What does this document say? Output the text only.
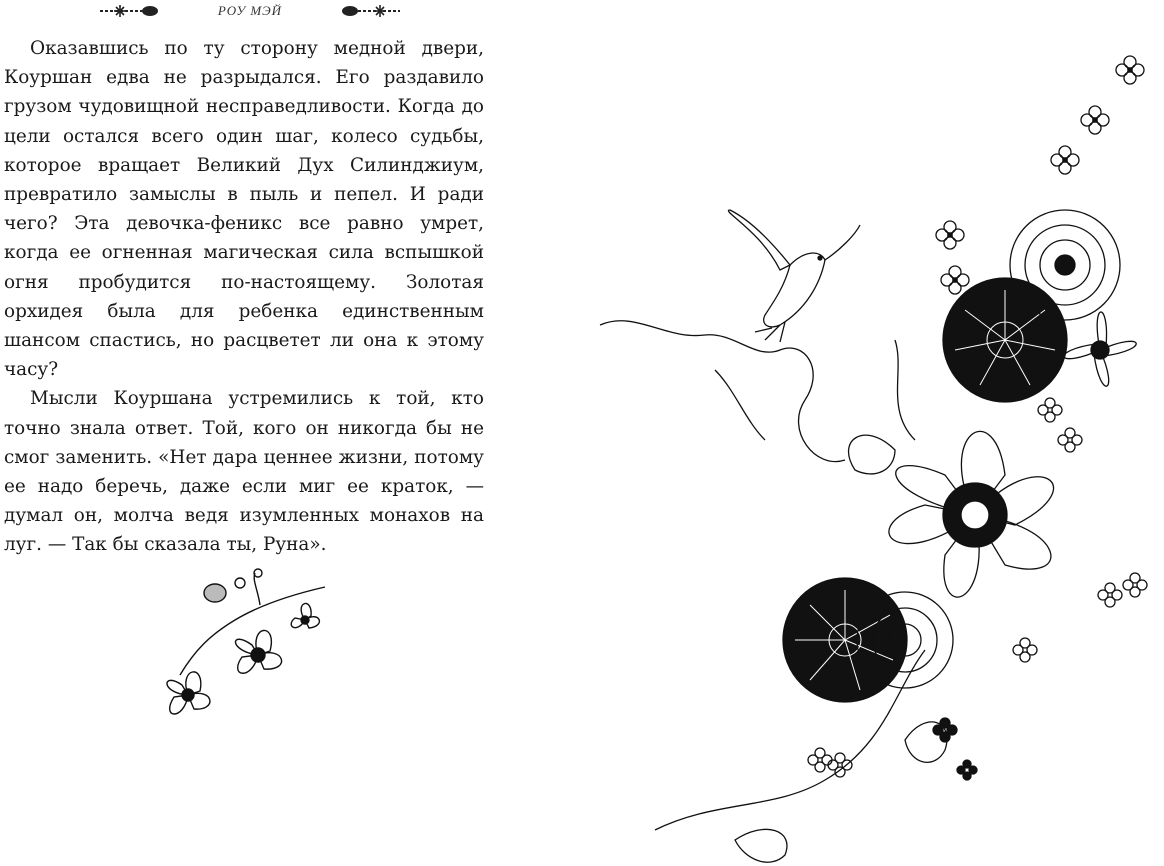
РОУ МЭЙ

Оказавшись по ту сторону медной двери, Коуршан едва не разрыдался. Его раздавило грузом чудовищной несправедливости. Когда до цели остался всего один шаг, колесо судьбы, которое вращает Великий Дух Силинджиум, превратило замыслы в пыль и пепел. И ради чего? Эта девочка-феникс все равно умрет, когда ее огненная магическая сила вспышкой огня пробудится по-настоящему. Золотая орхидея была для ребенка единственным шансом спастись, но расцветет ли она к этому часу?

Мысли Коуршана устремились к той, кто точно знала ответ. Той, кого он никогда бы не смог заменить. «Нет дара ценнее жизни, потому ее надо беречь, даже если миг ее краток, — думал он, молча ведя изумленных монахов на луг. — Так бы сказала ты, Руна».
